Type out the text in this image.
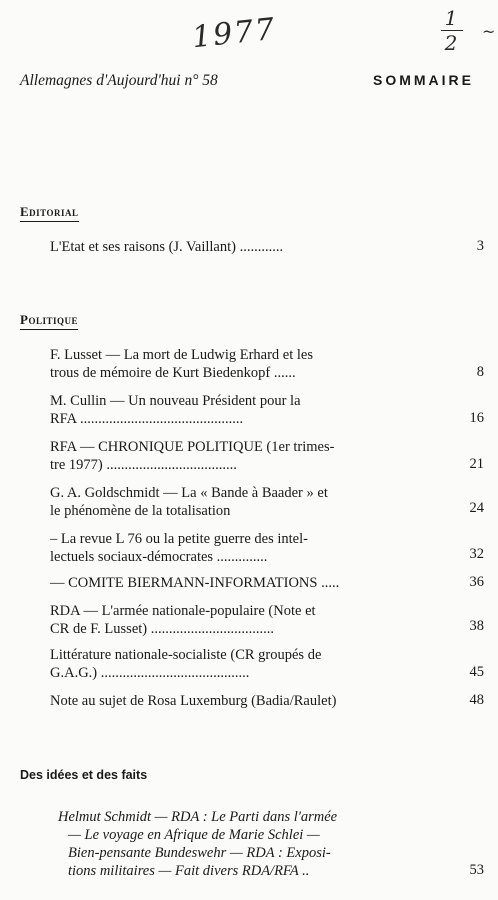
1977	1
2	~
Allemagnes d'Aujourd'hui n° 58	SOMMAIRE
Editorial
L'Etat et ses raisons (J. Vaillant) ............	3
Politique
F. Lusset — La mort de Ludwig Erhard et les
trous de mémoire de Kurt Biedenkopf ......	8
M. Cullin — Un nouveau Président pour la
RFA .............................................	16
RFA — CHRONIQUE POLITIQUE (1er trimes-
tre 1977) ....................................	21
G. A. Goldschmidt — La « Bande à Baader » et
le phénomène de la totalisation	24
– La revue L 76 ou la petite guerre des intel-
lectuels sociaux-démocrates ..............	32
— COMITE BIERMANN-INFORMATIONS .....	36
RDA — L'armée nationale-populaire (Note et
CR de F. Lusset) ..................................	38
Littérature nationale-socialiste (CR groupés de
G.A.G.) .........................................	45
Note au sujet de Rosa Luxemburg (Badia/Raulet)	48
Des idées et des faits
Helmut Schmidt — RDA : Le Parti dans l'armée
— Le voyage en Afrique de Marie Schlei —
Bien-pensante Bundeswehr — RDA : Exposi-
tions militaires — Fait divers RDA/RFA ..	53
